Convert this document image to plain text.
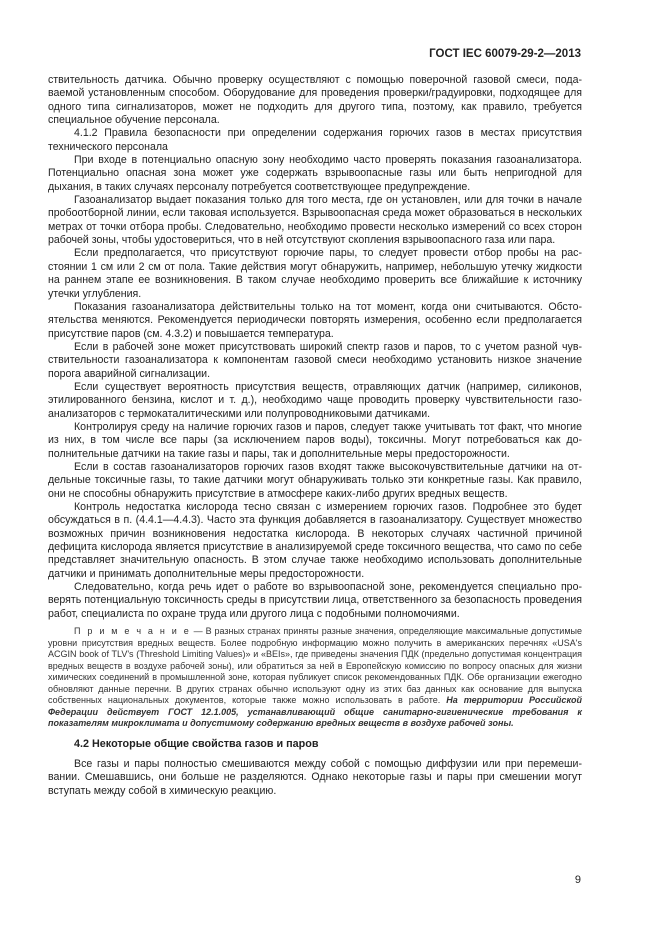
ГОСТ IEC 60079-29-2—2013

ствительность датчика. Обычно проверку осуществляют с помощью поверочной газовой смеси, подаваемой установленным способом. Оборудование для проведения проверки/градуировки, подходящее для одного типа сигнализаторов, может не подходить для другого типа, поэтому, как правило, требуется специальное обучение персонала.

4.1.2 Правила безопасности при определении содержания горючих газов в местах присутствия технического персонала

При входе в потенциально опасную зону необходимо часто проверять показания газоанализатора. Потенциально опасная зона может уже содержать взрывоопасные газы или быть непригодной для дыхания, в таких случаях персоналу потребуется соответствующее предупреждение.

Газоанализатор выдает показания только для того места, где он установлен, или для точки в начале пробоотборной линии, если таковая используется. Взрывоопасная среда может образоваться в нескольких метрах от точки отбора пробы. Следовательно, необходимо провести несколько измерений со всех сторон рабочей зоны, чтобы удостовериться, что в ней отсутствуют скопления взрывоопасного газа или пара.

Если предполагается, что присутствуют горючие пары, то следует провести отбор пробы на расстоянии 1 см или 2 см от пола. Такие действия могут обнаружить, например, небольшую утечку жидкости на раннем этапе ее возникновения. В таком случае необходимо проверить все ближайшие к источнику утечки углубления.

Показания газоанализатора действительны только на тот момент, когда они считываются. Обстоятельства меняются. Рекомендуется периодически повторять измерения, особенно если предполагается присутствие паров (см. 4.3.2) и повышается температура.

Если в рабочей зоне может присутствовать широкий спектр газов и паров, то с учетом разной чувствительности газоанализатора к компонентам газовой смеси необходимо установить низкое значение порога аварийной сигнализации.

Если существует вероятность присутствия веществ, отравляющих датчик (например, силиконов, этилированного бензина, кислот и т. д.), необходимо чаще проводить проверку чувствительности газоанализаторов с термокаталитическими или полупроводниковыми датчиками.

Контролируя среду на наличие горючих газов и паров, следует также учитывать тот факт, что многие из них, в том числе все пары (за исключением паров воды), токсичны. Могут потребоваться как дополнительные датчики на такие газы и пары, так и дополнительные меры предосторожности.

Если в состав газоанализаторов горючих газов входят также высокочувствительные датчики на отдельные токсичные газы, то такие датчики могут обнаруживать только эти конкретные газы. Как правило, они не способны обнаружить присутствие в атмосфере каких-либо других вредных веществ.

Контроль недостатка кислорода тесно связан с измерением горючих газов. Подробнее это будет обсуждаться в п. (4.4.1—4.4.3). Часто эта функция добавляется в газоанализатору. Существует множество возможных причин возникновения недостатка кислорода. В некоторых случаях частичной причиной дефицита кислорода является присутствие в анализируемой среде токсичного вещества, что само по себе представляет значительную опасность. В этом случае также необходимо использовать дополнительные датчики и принимать дополнительные меры предосторожности.

Следовательно, когда речь идет о работе во взрывоопасной зоне, рекомендуется специально проверять потенциальную токсичность среды в присутствии лица, ответственного за безопасность проведения работ, специалиста по охране труда или другого лица с подобными полномочиями.

П р и м е ч а н и е — В разных странах приняты разные значения, определяющие максимальные допустимые уровни присутствия вредных веществ. Более подробную информацию можно получить в американских перечнях «USA's ACGIN book of TLV's (Threshold Limiting Values)» и «BEIs», где приведены значения ПДК (предельно допустимая концентрация вредных веществ в воздухе рабочей зоны), или обратиться за ней в Европейскую комиссию по вопросу опасных для жизни химических соединений в промышленной зоне, которая публикует список рекомендованных ПДК. Обе организации ежегодно обновляют данные перечни. В других странах обычно используют одну из этих баз данных как основание для выпуска собственных национальных документов, которые также можно использовать в работе. На территории Российской Федерации действует ГОСТ 12.1.005, устанавливающий общие санитарно-гигиенические требования к показателям микроклимата и допустимому содержанию вредных веществ в воздухе рабочей зоны.
4.2 Некоторые общие свойства газов и паров

Все газы и пары полностью смешиваются между собой с помощью диффузии или при перемешивании. Смешавшись, они больше не разделяются. Однако некоторые газы и пары при смешении могут вступать между собой в химическую реакцию.

9
